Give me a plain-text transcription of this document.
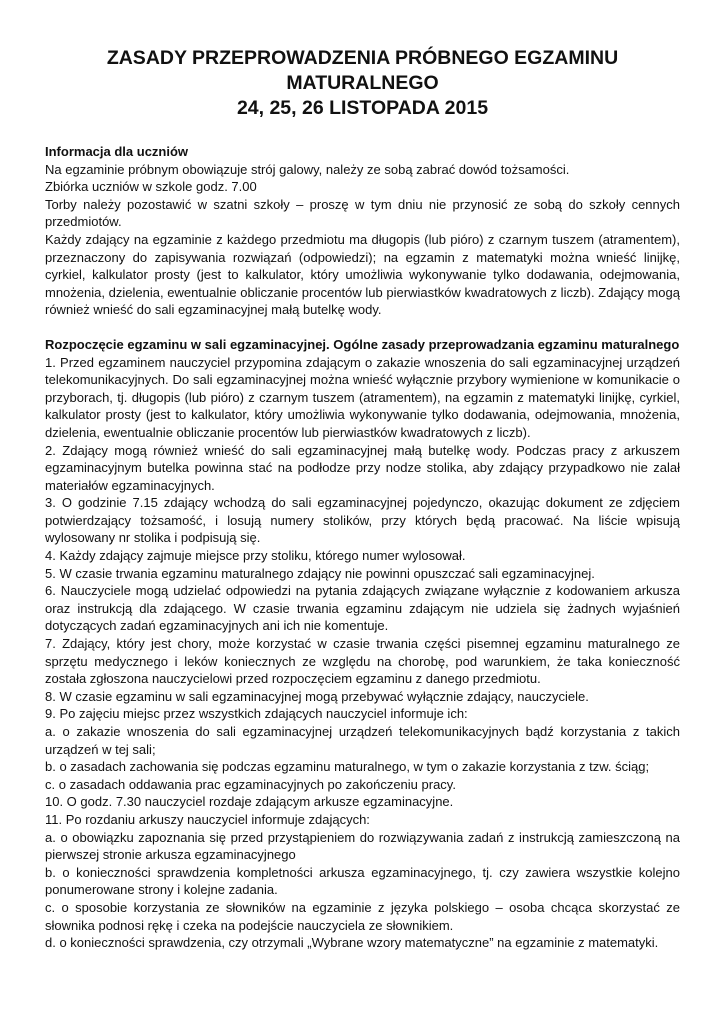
ZASADY PRZEPROWADZENIA PRÓBNEGO EGZAMINU MATURALNEGO
24, 25, 26 LISTOPADA 2015
Informacja dla uczniów

Na egzaminie próbnym obowiązuje strój galowy, należy ze sobą zabrać dowód tożsamości.

Zbiórka uczniów w szkole godz. 7.00

Torby należy pozostawić w szatni szkoły – proszę w tym dniu nie przynosić ze sobą do szkoły cennych przedmiotów.

Każdy zdający na egzaminie z każdego przedmiotu ma długopis (lub pióro) z czarnym tuszem (atramentem), przeznaczony do zapisywania rozwiązań (odpowiedzi); na egzamin z matematyki można wnieść linijkę, cyrkiel, kalkulator prosty (jest to kalkulator, który umożliwia wykonywanie tylko dodawania, odejmowania, mnożenia, dzielenia, ewentualnie obliczanie procentów lub pierwiastków kwadratowych z liczb). Zdający mogą również wnieść do sali egzaminacyjnej małą butelkę wody.

Rozpoczęcie egzaminu w sali egzaminacyjnej. Ogólne zasady przeprowadzania egzaminu maturalnego

1. Przed egzaminem nauczyciel przypomina zdającym o zakazie wnoszenia do sali egzaminacyjnej urządzeń telekomunikacyjnych. Do sali egzaminacyjnej można wnieść wyłącznie przybory wymienione w komunikacie o przyborach, tj. długopis (lub pióro) z czarnym tuszem (atramentem), na egzamin z matematyki linijkę, cyrkiel, kalkulator prosty (jest to kalkulator, który umożliwia wykonywanie tylko dodawania, odejmowania, mnożenia, dzielenia, ewentualnie obliczanie procentów lub pierwiastków kwadratowych z liczb).

2. Zdający mogą również wnieść do sali egzaminacyjnej małą butelkę wody. Podczas pracy z arkuszem egzaminacyjnym butelka powinna stać na podłodze przy nodze stolika, aby zdający przypadkowo nie zalał materiałów egzaminacyjnych.

3. O godzinie 7.15 zdający wchodzą do sali egzaminacyjnej pojedynczo, okazując dokument ze zdjęciem potwierdzający tożsamość, i losują numery stolików, przy których będą pracować. Na liście wpisują wylosowany nr stolika i podpisują się.

4. Każdy zdający zajmuje miejsce przy stoliku, którego numer wylosował.

5. W czasie trwania egzaminu maturalnego zdający nie powinni opuszczać sali egzaminacyjnej.

6. Nauczyciele mogą udzielać odpowiedzi na pytania zdających związane wyłącznie z kodowaniem arkusza oraz instrukcją dla zdającego. W czasie trwania egzaminu zdającym nie udziela się żadnych wyjaśnień dotyczących zadań egzaminacyjnych ani ich nie komentuje.

7. Zdający, który jest chory, może korzystać w czasie trwania części pisemnej egzaminu maturalnego ze sprzętu medycznego i leków koniecznych ze względu na chorobę, pod warunkiem, że taka konieczność została zgłoszona nauczycielowi przed rozpoczęciem egzaminu z danego przedmiotu.

8. W czasie egzaminu w sali egzaminacyjnej mogą przebywać wyłącznie zdający, nauczyciele.

9. Po zajęciu miejsc przez wszystkich zdających nauczyciel informuje ich:

a. o zakazie wnoszenia do sali egzaminacyjnej urządzeń telekomunikacyjnych bądź korzystania z takich urządzeń w tej sali;

b. o zasadach zachowania się podczas egzaminu maturalnego, w tym o zakazie korzystania z tzw. ściąg;

c. o zasadach oddawania prac egzaminacyjnych po zakończeniu pracy.

10. O godz. 7.30 nauczyciel rozdaje zdającym arkusze egzaminacyjne.

11. Po rozdaniu arkuszy nauczyciel informuje zdających:

a. o obowiązku zapoznania się przed przystąpieniem do rozwiązywania zadań z instrukcją zamieszczoną na pierwszej stronie arkusza egzaminacyjnego

b. o konieczności sprawdzenia kompletności arkusza egzaminacyjnego, tj. czy zawiera wszystkie kolejno ponumerowane strony i kolejne zadania.

c. o sposobie korzystania ze słowników na egzaminie z języka polskiego – osoba chcąca skorzystać ze słownika podnosi rękę i czeka na podejście nauczyciela ze słownikiem.

d. o konieczności sprawdzenia, czy otrzymali „Wybrane wzory matematyczne” na egzaminie z matematyki.
